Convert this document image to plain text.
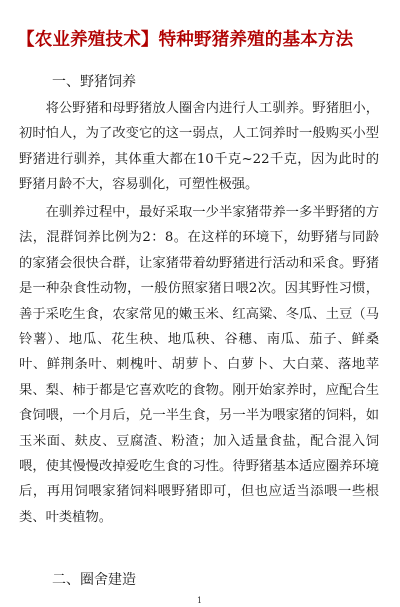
【农业养殖技术】特种野猪养殖的基本方法
一、野猪饲养

将公野猪和母野猪放人圈舍内进行人工驯养。野猪胆小，初时怕人，为了改变它的这一弱点，人工饲养时一般购买小型野猪进行驯养，其体重大都在10千克~22千克，因为此时的野猪月龄不大，容易驯化，可塑性极强。

在驯养过程中，最好采取一少半家猪带养一多半野猪的方法，混群饲养比例为2：8。在这样的环境下，幼野猪与同龄的家猪会很快合群，让家猪带着幼野猪进行活动和采食。野猪是一种杂食性动物，一般仿照家猪日喂2次。因其野性习惯，善于采吃生食，农家常见的嫩玉米、红高粱、冬瓜、土豆（马铃薯）、地瓜、花生秧、地瓜秧、谷穗、南瓜、茄子、鲜桑叶、鲜荆条叶、刺槐叶、胡萝卜、白萝卜、大白菜、落地苹果、梨、柿于都是它喜欢吃的食物。刚开始家养时，应配合生食饲喂，一个月后，兑一半生食，另一半为喂家猪的饲料，如玉米面、麸皮、豆腐渣、粉渣；加入适量食盐，配合混入饲喂，使其慢慢改掉爱吃生食的习性。待野猪基本适应圈养环境后，再用饲喂家猪饲料喂野猪即可，但也应适当添喂一些根类、叶类植物。

二、圈舍建造
1
